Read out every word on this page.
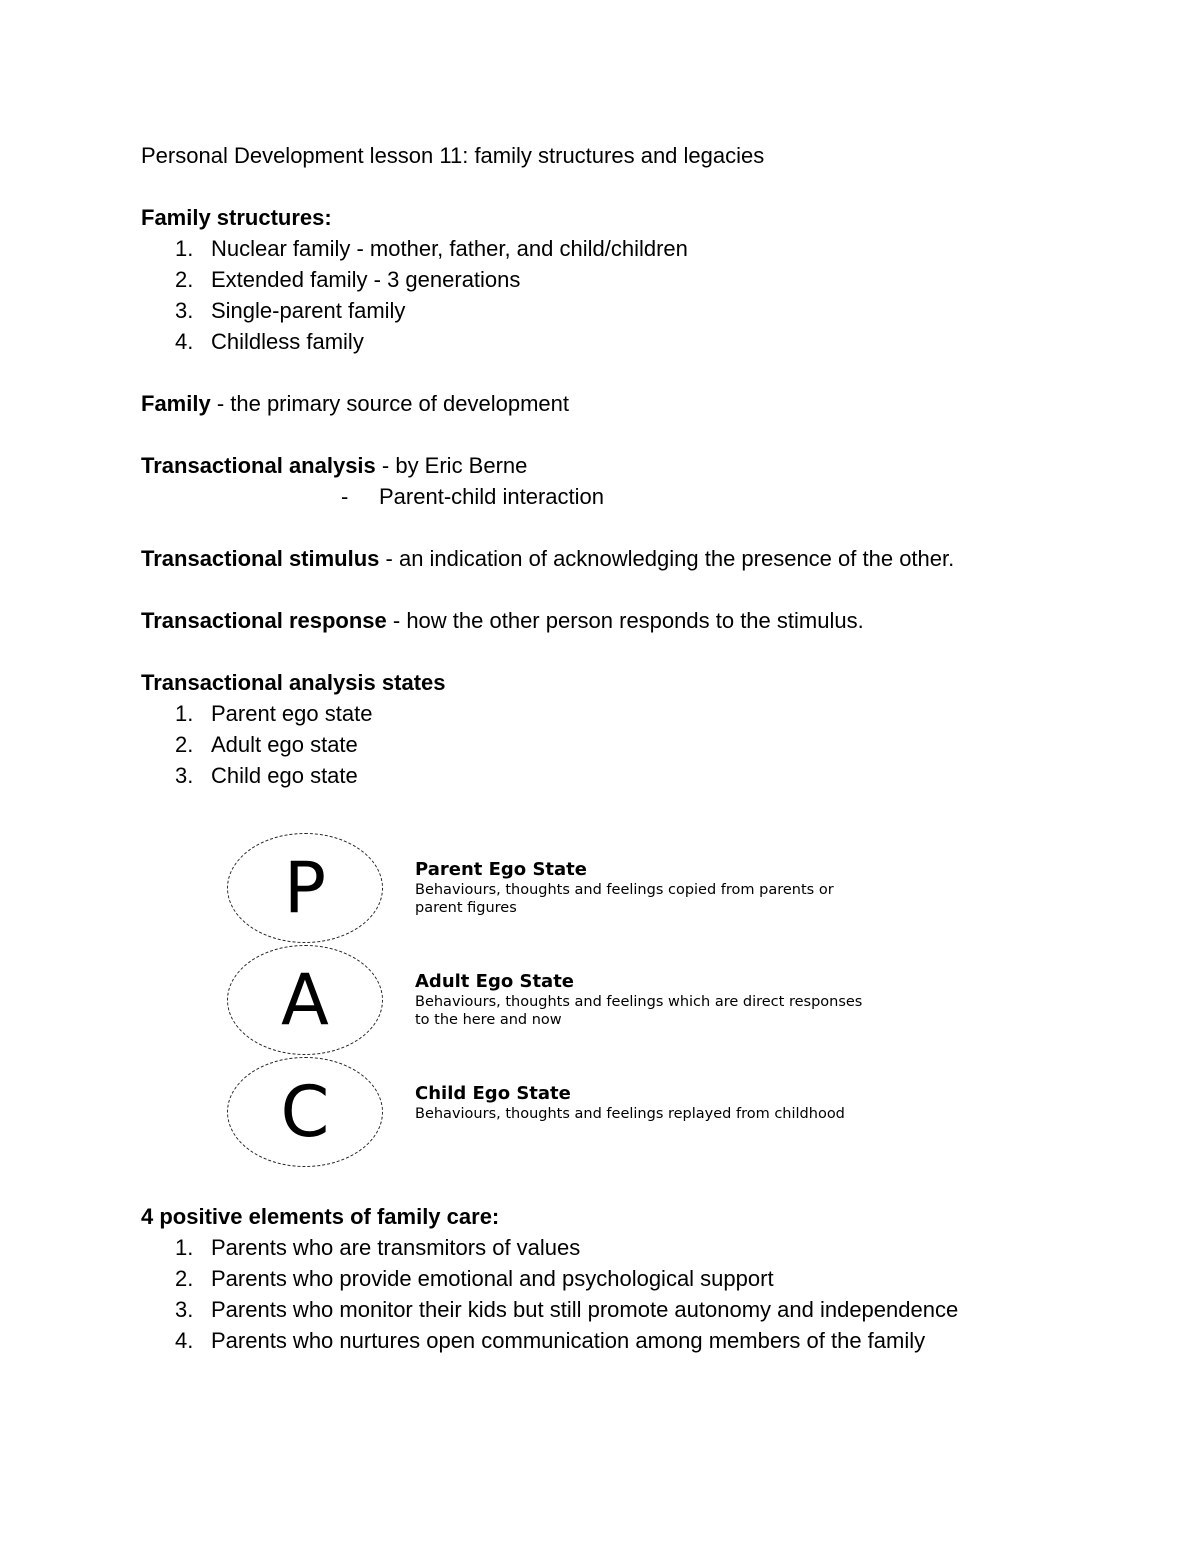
Personal Development lesson 11: family structures and legacies
Family structures:
1. Nuclear family - mother, father, and child/children
2. Extended family - 3 generations
3. Single-parent family
4. Childless family
Family - the primary source of development
Transactional analysis - by Eric Berne
- Parent-child interaction
Transactional stimulus - an indication of acknowledging the presence of the other.
Transactional response - how the other person responds to the stimulus.
Transactional analysis states
1. Parent ego state
2. Adult ego state
3. Child ego state
P	Parent Ego State
Behaviours, thoughts and feelings copied from parents or parent figures
A	Adult Ego State
Behaviours, thoughts and feelings which are direct responses to the here and now
C	Child Ego State
Behaviours, thoughts and feelings replayed from childhood
4 positive elements of family care:
1. Parents who are transmitors of values
2. Parents who provide emotional and psychological support
3. Parents who monitor their kids but still promote autonomy and independence
4. Parents who nurtures open communication among members of the family
